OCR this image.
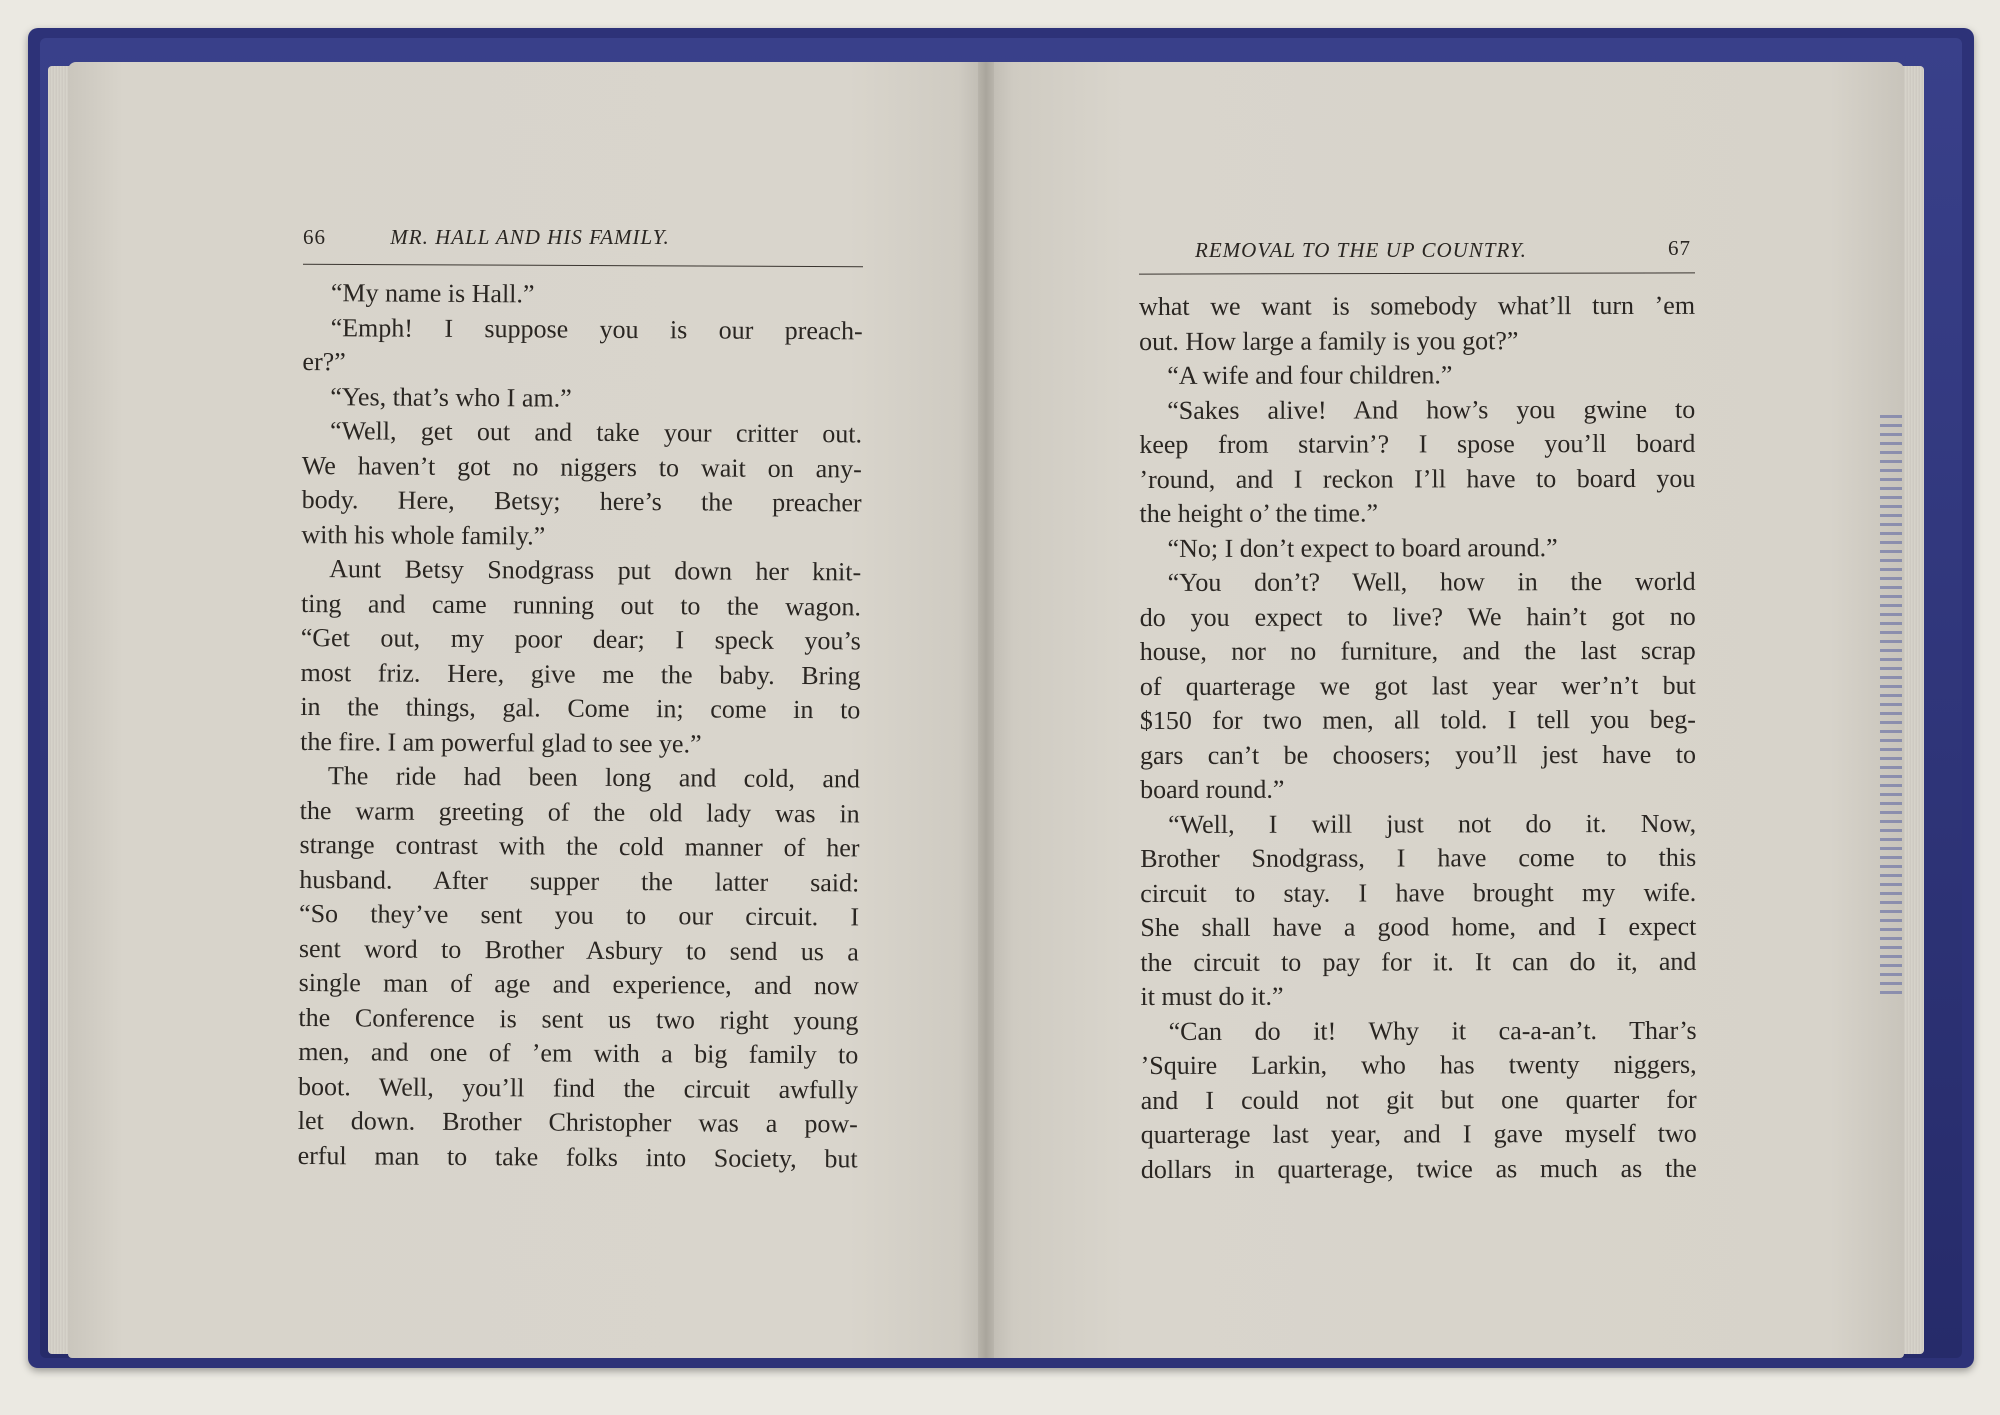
66	MR. HALL AND HIS FAMILY.
REMOVAL TO THE UP COUNTRY.	67
“My name is Hall.”
“Emph! I suppose you is our preach-
er?”
“Yes, that’s who I am.”
“Well, get out and take your critter out.
We haven’t got no niggers to wait on any-
body. Here, Betsy; here’s the preacher
with his whole family.”
Aunt Betsy Snodgrass put down her knit-
ting and came running out to the wagon.
“Get out, my poor dear; I speck you’s
most friz. Here, give me the baby. Bring
in the things, gal. Come in; come in to
the fire. I am powerful glad to see ye.”
The ride had been long and cold, and
the warm greeting of the old lady was in
strange contrast with the cold manner of her
husband. After supper the latter said:
“So they’ve sent you to our circuit. I
sent word to Brother Asbury to send us a
single man of age and experience, and now
the Conference is sent us two right young
men, and one of ’em with a big family to
boot. Well, you’ll find the circuit awfully
let down. Brother Christopher was a pow-
erful man to take folks into Society, but
what we want is somebody what’ll turn ’em
out. How large a family is you got?”
“A wife and four children.”
“Sakes alive! And how’s you gwine to
keep from starvin’? I spose you’ll board
’round, and I reckon I’ll have to board you
the height o’ the time.”
“No; I don’t expect to board around.”
“You don’t? Well, how in the world
do you expect to live? We hain’t got no
house, nor no furniture, and the last scrap
of quarterage we got last year wer’n’t but
$150 for two men, all told. I tell you beg-
gars can’t be choosers; you’ll jest have to
board round.”
“Well, I will just not do it. Now,
Brother Snodgrass, I have come to this
circuit to stay. I have brought my wife.
She shall have a good home, and I expect
the circuit to pay for it. It can do it, and
it must do it.”
“Can do it! Why it ca-a-an’t. Thar’s
’Squire Larkin, who has twenty niggers,
and I could not git but one quarter for
quarterage last year, and I gave myself two
dollars in quarterage, twice as much as the
